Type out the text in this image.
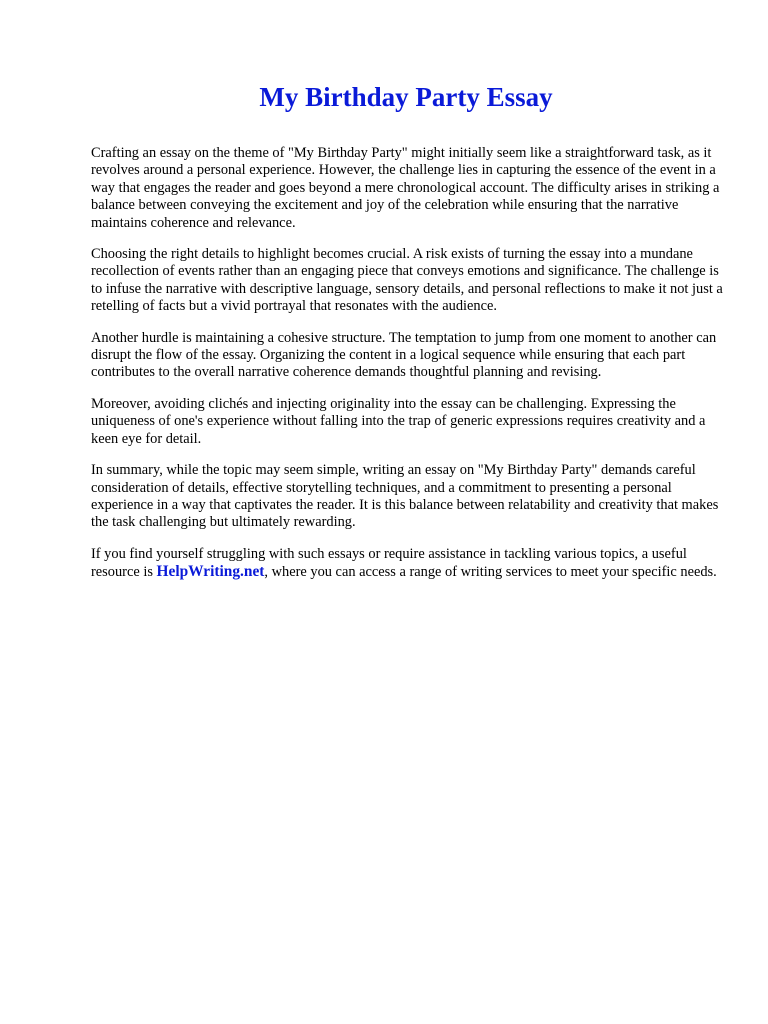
My Birthday Party Essay

Crafting an essay on the theme of "My Birthday Party" might initially seem like a straightforward task, as it revolves around a personal experience. However, the challenge lies in capturing the essence of the event in a way that engages the reader and goes beyond a mere chronological account. The difficulty arises in striking a balance between conveying the excitement and joy of the celebration while ensuring that the narrative maintains coherence and relevance.

Choosing the right details to highlight becomes crucial. A risk exists of turning the essay into a mundane recollection of events rather than an engaging piece that conveys emotions and significance. The challenge is to infuse the narrative with descriptive language, sensory details, and personal reflections to make it not just a retelling of facts but a vivid portrayal that resonates with the audience.

Another hurdle is maintaining a cohesive structure. The temptation to jump from one moment to another can disrupt the flow of the essay. Organizing the content in a logical sequence while ensuring that each part contributes to the overall narrative coherence demands thoughtful planning and revising.

Moreover, avoiding clichés and injecting originality into the essay can be challenging. Expressing the uniqueness of one's experience without falling into the trap of generic expressions requires creativity and a keen eye for detail.

In summary, while the topic may seem simple, writing an essay on "My Birthday Party" demands careful consideration of details, effective storytelling techniques, and a commitment to presenting a personal experience in a way that captivates the reader. It is this balance between relatability and creativity that makes the task challenging but ultimately rewarding.

If you find yourself struggling with such essays or require assistance in tackling various topics, a useful resource is HelpWriting.net, where you can access a range of writing services to meet your specific needs.
